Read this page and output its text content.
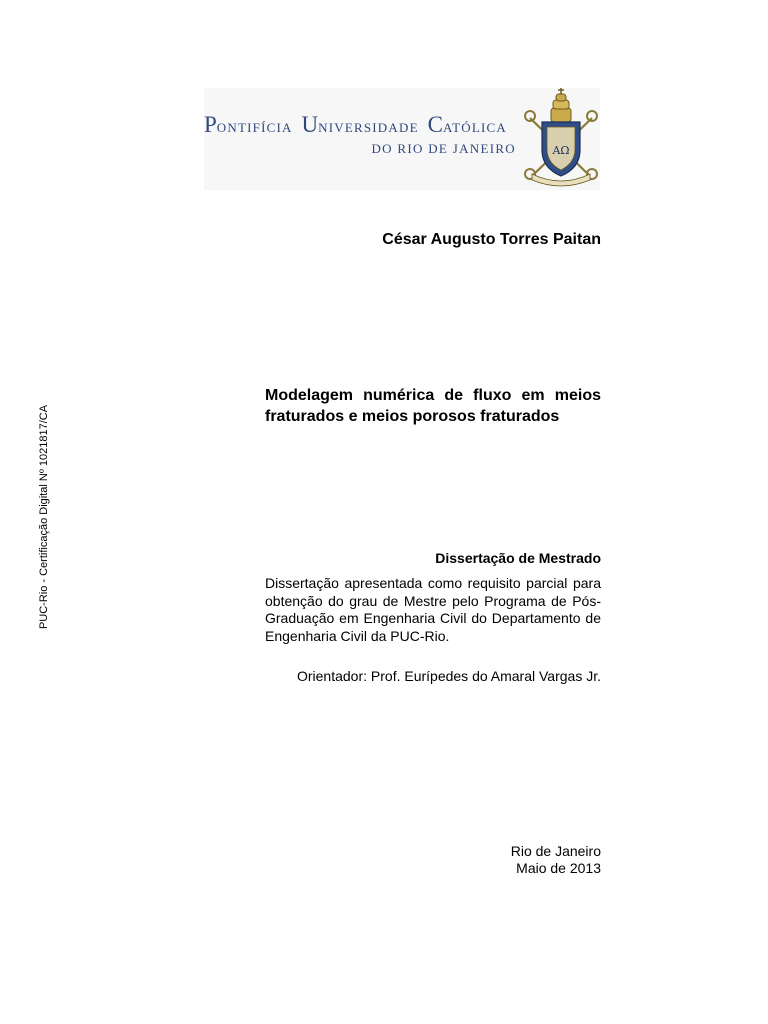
PONTIFÍCIA UNIVERSIDADE CATÓLICA
DO RIO DE JANEIRO	ΑΩ
César Augusto Torres Paitan
Modelagem numérica de fluxo em meios
fraturados e meios porosos fraturados
Dissertação de Mestrado
Dissertação apresentada como requisito parcial para
obtenção do grau de Mestre pelo Programa de Pós-
Graduação em Engenharia Civil do Departamento de
Engenharia Civil da PUC-Rio.
Orientador: Prof. Eurípedes do Amaral Vargas Jr.
Rio de Janeiro
Maio de 2013
PUC-Rio - Certificação Digital Nº 1021817/CA
